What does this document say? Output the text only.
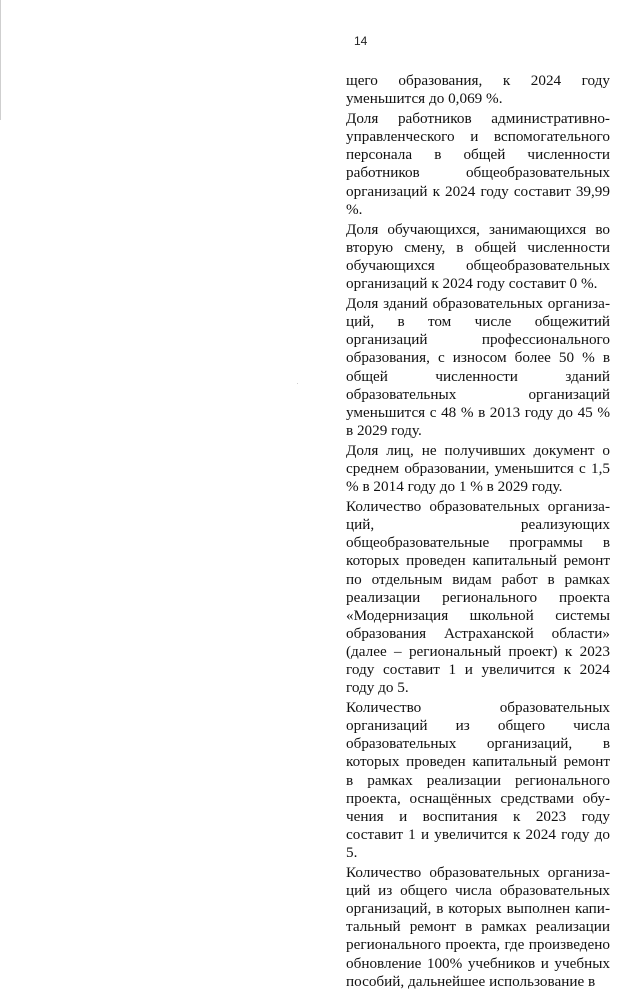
14

щего образования, к 2024 году уменьшится до 0,069 %.

Доля работников административно-управленческого и вспомогательного персонала в общей численности работников общеобразовательных организаций к 2024 году составит 39,99 %.

Доля обучающихся, занимающихся во вторую смену, в общей численности обучающихся общеобразовательных организаций к 2024 году составит 0 %.

Доля зданий образовательных организаций, в том числе общежитий организаций профессионального образования, с износом более 50 % в общей численности зданий образовательных организаций уменьшится с 48 % в 2013 году до 45 % в 2029 году.

Доля лиц, не получивших документ о среднем образовании, уменьшится с 1,5 % в 2014 году до 1 % в 2029 году.

Количество образовательных организаций, реализующих общеобразовательные программы в которых проведен капитальный ремонт по отдельным видам работ в рамках реализации регионального проекта «Модернизация школьной системы образования Астраханской области» (далее – региональный проект) к 2023 году составит 1 и увеличится к 2024 году до 5.

Количество образовательных организаций из общего числа образовательных организаций, в которых проведен капитальный ремонт в рамках реализации регионального проекта, оснащённых средствами обучения и воспитания к 2023 году составит 1 и увеличится к 2024 году до 5.

Количество образовательных организаций из общего числа образовательных организаций, в которых выполнен капитальный ремонт в рамках реализации регионального проекта, где произведено обновление 100% учебников и учебных пособий, дальнейшее использование в
